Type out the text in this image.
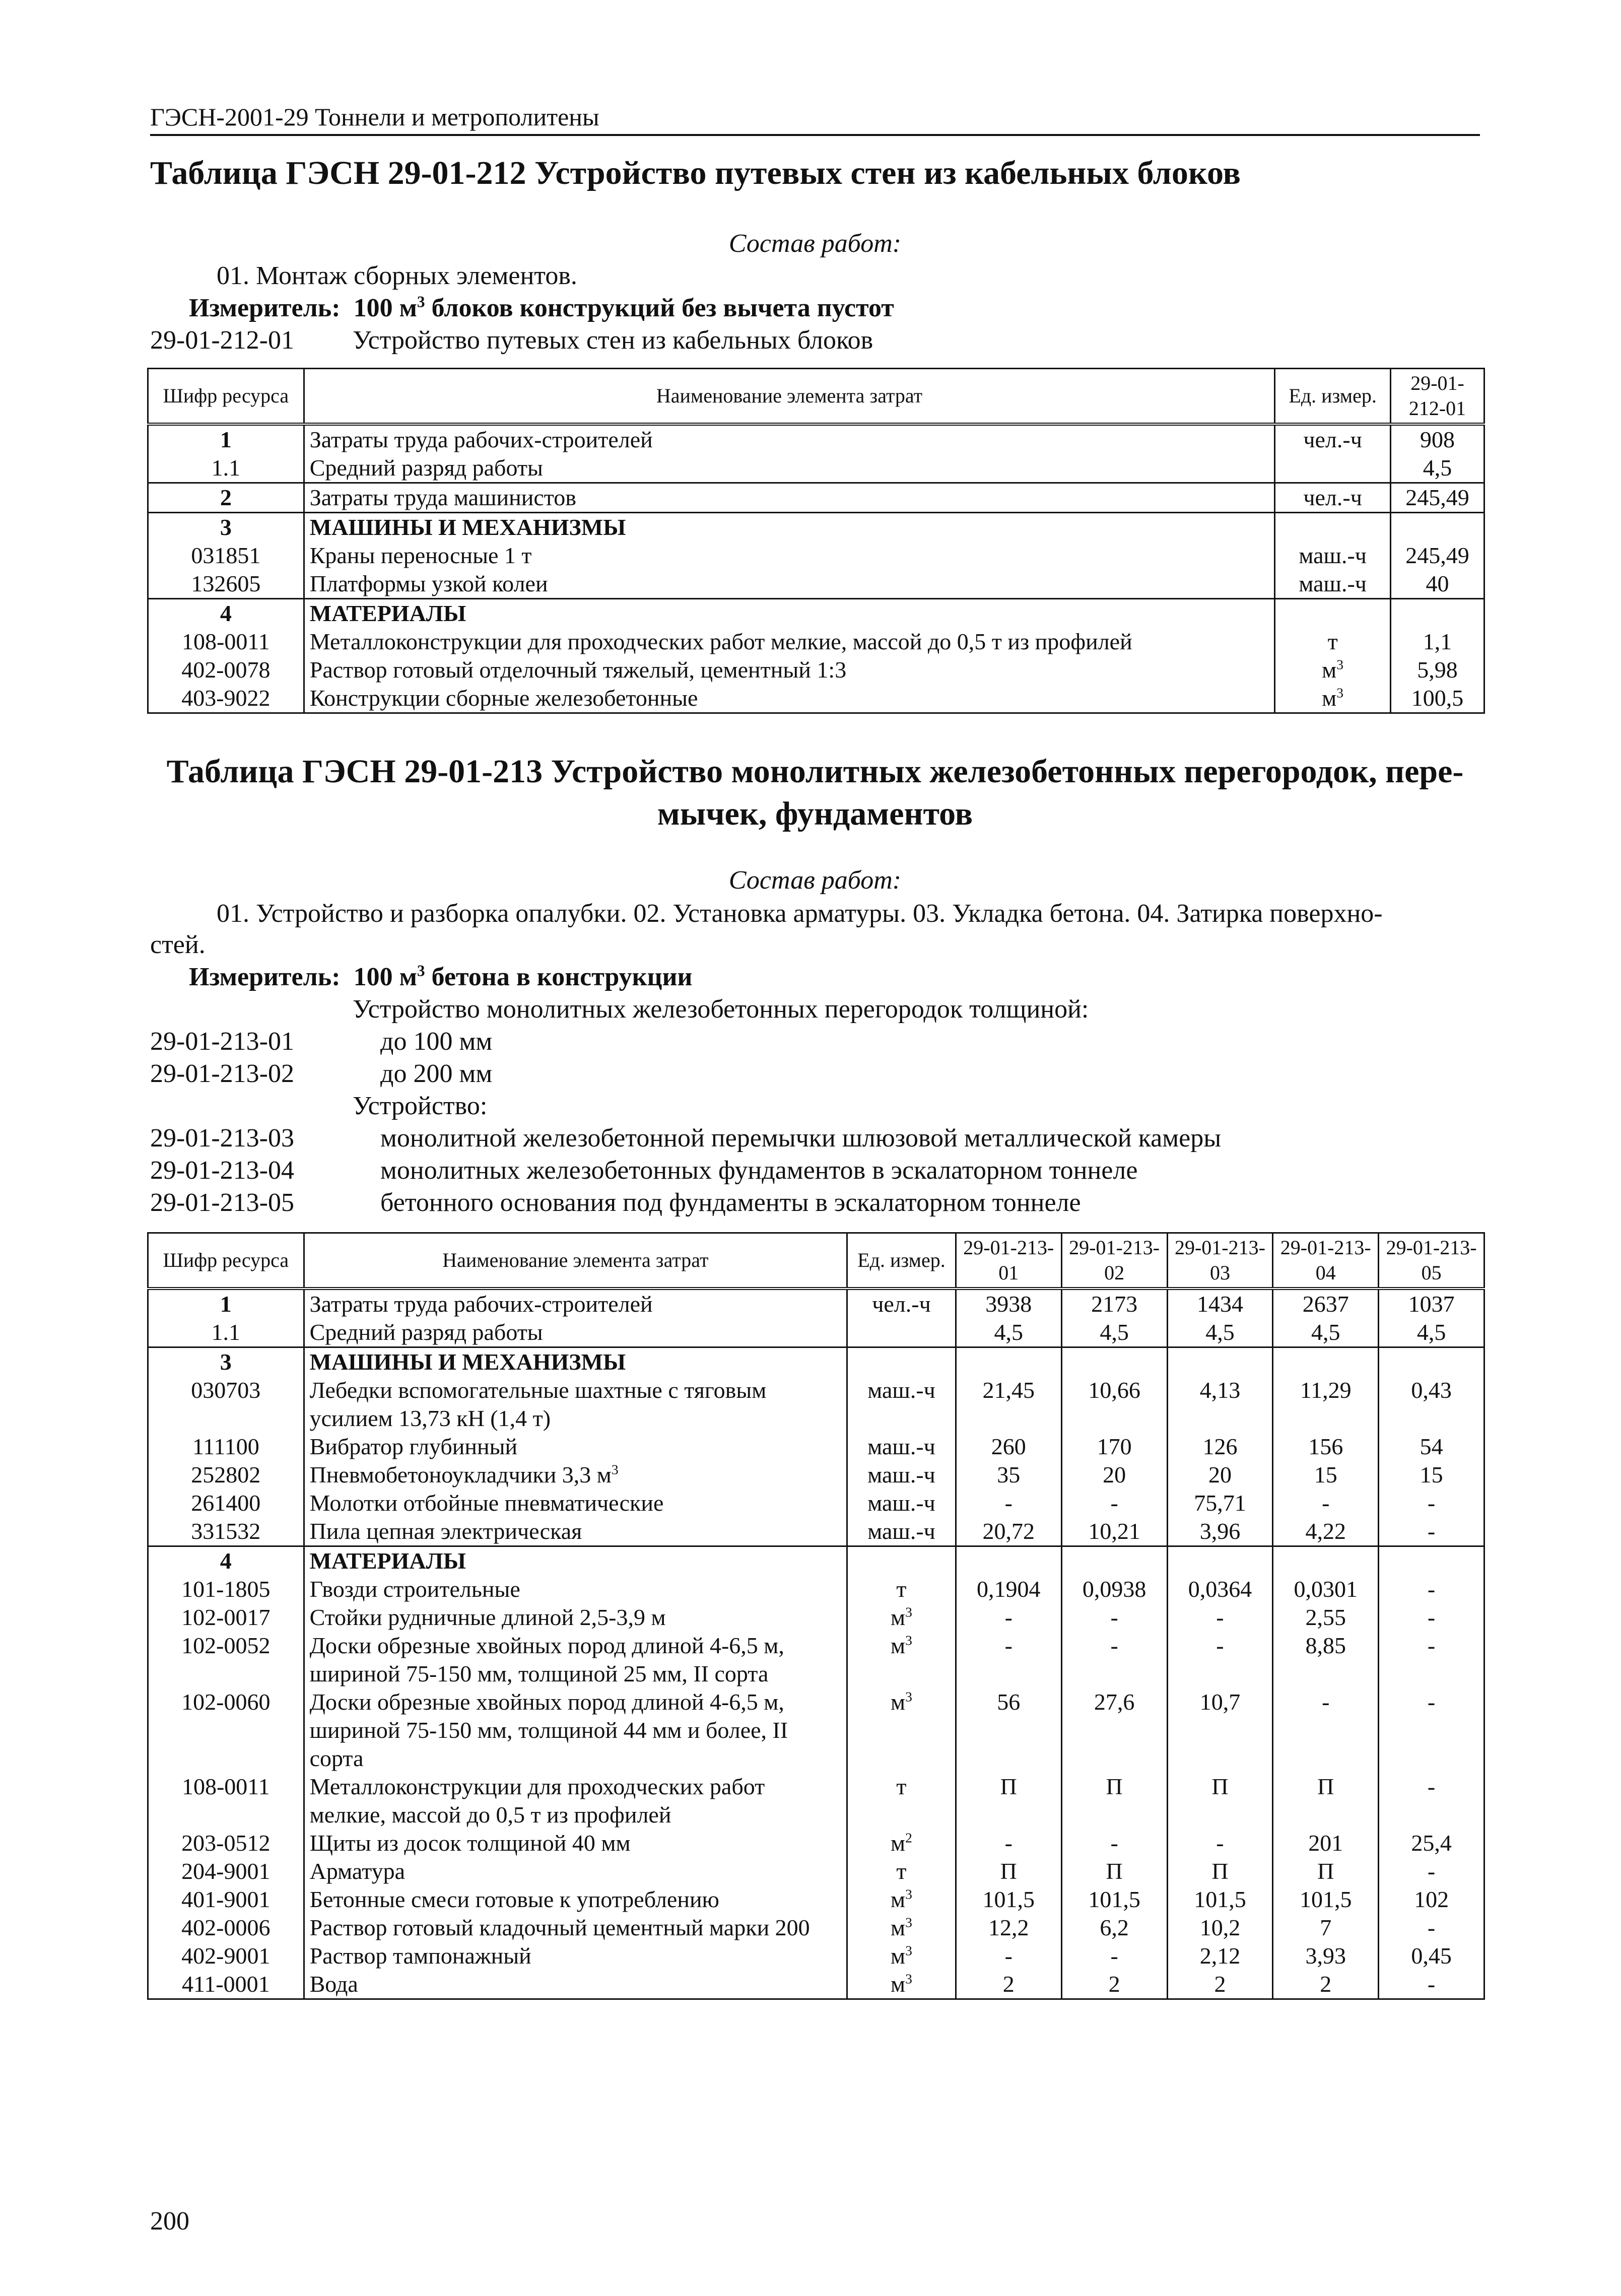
ГЭСН-2001-29 Тоннели и метрополитены
Таблица ГЭСН 29-01-212 Устройство путевых стен из кабельных блоков
Состав работ:
01. Монтаж сборных элементов.
Измеритель: 100 $м^3$ блоков конструкций без вычета пустот
29-01-212-01 Устройство путевых стен из кабельных блоков
Шифр ресурса	Наименование элемента затрат	Ед. измер.	29-01-212-01
1	Затраты труда рабочих-строителей	чел.-ч	908
1.1	Средний разряд работы		4,5
2	Затраты труда машинистов	чел.-ч	245,49
3	МАШИНЫ И МЕХАНИЗМЫ		
031851	Краны переносные 1 т	маш.-ч	245,49
132605	Платформы узкой колеи	маш.-ч	40
4	МАТЕРИАЛЫ		
108-0011	Металлоконструкции для проходческих работ мелкие, массой до 0,5 т из профилей	т	1,1
402-0078	Раствор готовый отделочный тяжелый, цементный 1:3	$м^3$	5,98
403-9022	Конструкции сборные железобетонные	$м^3$	100,5
Таблица ГЭСН 29-01-213 Устройство монолитных железобетонных перегородок, пере-
мычек, фундаментов
Состав работ:
01. Устройство и разборка опалубки. 02. Установка арматуры. 03. Укладка бетона. 04. Затирка поверхно-
стей.
Измеритель: 100 $м^3$ бетона в конструкции
Устройство монолитных железобетонных перегородок толщиной:
29-01-213-01	до 100 мм
29-01-213-02	до 200 мм
Устройство:
29-01-213-03	монолитной железобетонной перемычки шлюзовой металлической камеры
29-01-213-04	монолитных железобетонных фундаментов в эскалаторном тоннеле
29-01-213-05	бетонного основания под фундаменты в эскалаторном тоннеле
Шифр ресурса	Наименование элемента затрат	Ед. измер.	29-01-213-01	29-01-213-02	29-01-213-03	29-01-213-04	29-01-213-05
1	Затраты труда рабочих-строителей	чел.-ч	3938	2173	1434	2637	1037
1.1	Средний разряд работы		4,5	4,5	4,5	4,5	4,5
3	МАШИНЫ И МЕХАНИЗМЫ						
030703	Лебедки вспомогательные шахтные с тяговым усилием 13,73 кН (1,4 т)	маш.-ч	21,45	10,66	4,13	11,29	0,43
111100	Вибратор глубинный	маш.-ч	260	170	126	156	54
252802	Пневмобетоноукладчики 3,3 $м^3$	маш.-ч	35	20	20	15	15
261400	Молотки отбойные пневматические	маш.-ч	-	-	75,71	-	-
331532	Пила цепная электрическая	маш.-ч	20,72	10,21	3,96	4,22	-
4	МАТЕРИАЛЫ						
101-1805	Гвозди строительные	т	0,1904	0,0938	0,0364	0,0301	-
102-0017	Стойки рудничные длиной 2,5-3,9 м	$м^3$	-	-	-	2,55	-
102-0052	Доски обрезные хвойных пород длиной 4-6,5 м, шириной 75-150 мм, толщиной 25 мм, II сорта	$м^3$	-	-	-	8,85	-
102-0060	Доски обрезные хвойных пород длиной 4-6,5 м, шириной 75-150 мм, толщиной 44 мм и более, II сорта	$м^3$	56	27,6	10,7	-	-
108-0011	Металлоконструкции для проходческих работ мелкие, массой до 0,5 т из профилей	т	П	П	П	П	-
203-0512	Щиты из досок толщиной 40 мм	$м^2$	-	-	-	201	25,4
204-9001	Арматура	т	П	П	П	П	-
401-9001	Бетонные смеси готовые к употреблению	$м^3$	101,5	101,5	101,5	101,5	102
402-0006	Раствор готовый кладочный цементный марки 200	$м^3$	12,2	6,2	10,2	7	-
402-9001	Раствор тампонажный	$м^3$	-	-	2,12	3,93	0,45
411-0001	Вода	$м^3$	2	2	2	2	-
200
